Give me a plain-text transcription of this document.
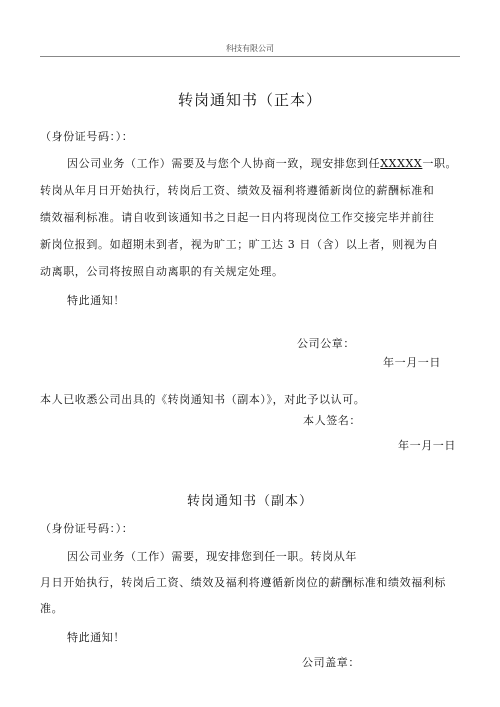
科技有限公司
转岗通知书（正本）
（身份证号码：）：
因公司业务（工作）需要及与您个人协商一致，现安排您到任XXXXX一职。
转岗从年月日开始执行，转岗后工资、绩效及福利将遵循新岗位的薪酬标准和
绩效福利标准。请自收到该通知书之日起一日内将现岗位工作交接完毕并前往
新岗位报到。如超期未到者，视为旷工；旷工达 3 日（含）以上者，则视为自
动离职，公司将按照自动离职的有关规定处理。
特此通知！
公司公章：
年一月一日
本人已收悉公司出具的《转岗通知书（副本）》，对此予以认可。
本人签名：
年一月一日
转岗通知书（副本）
（身份证号码：）：
因公司业务（工作）需要，现安排您到任一职。转岗从年
月日开始执行，转岗后工资、绩效及福利将遵循新岗位的薪酬标准和绩效福利标
准。
特此通知！
公司盖章：
